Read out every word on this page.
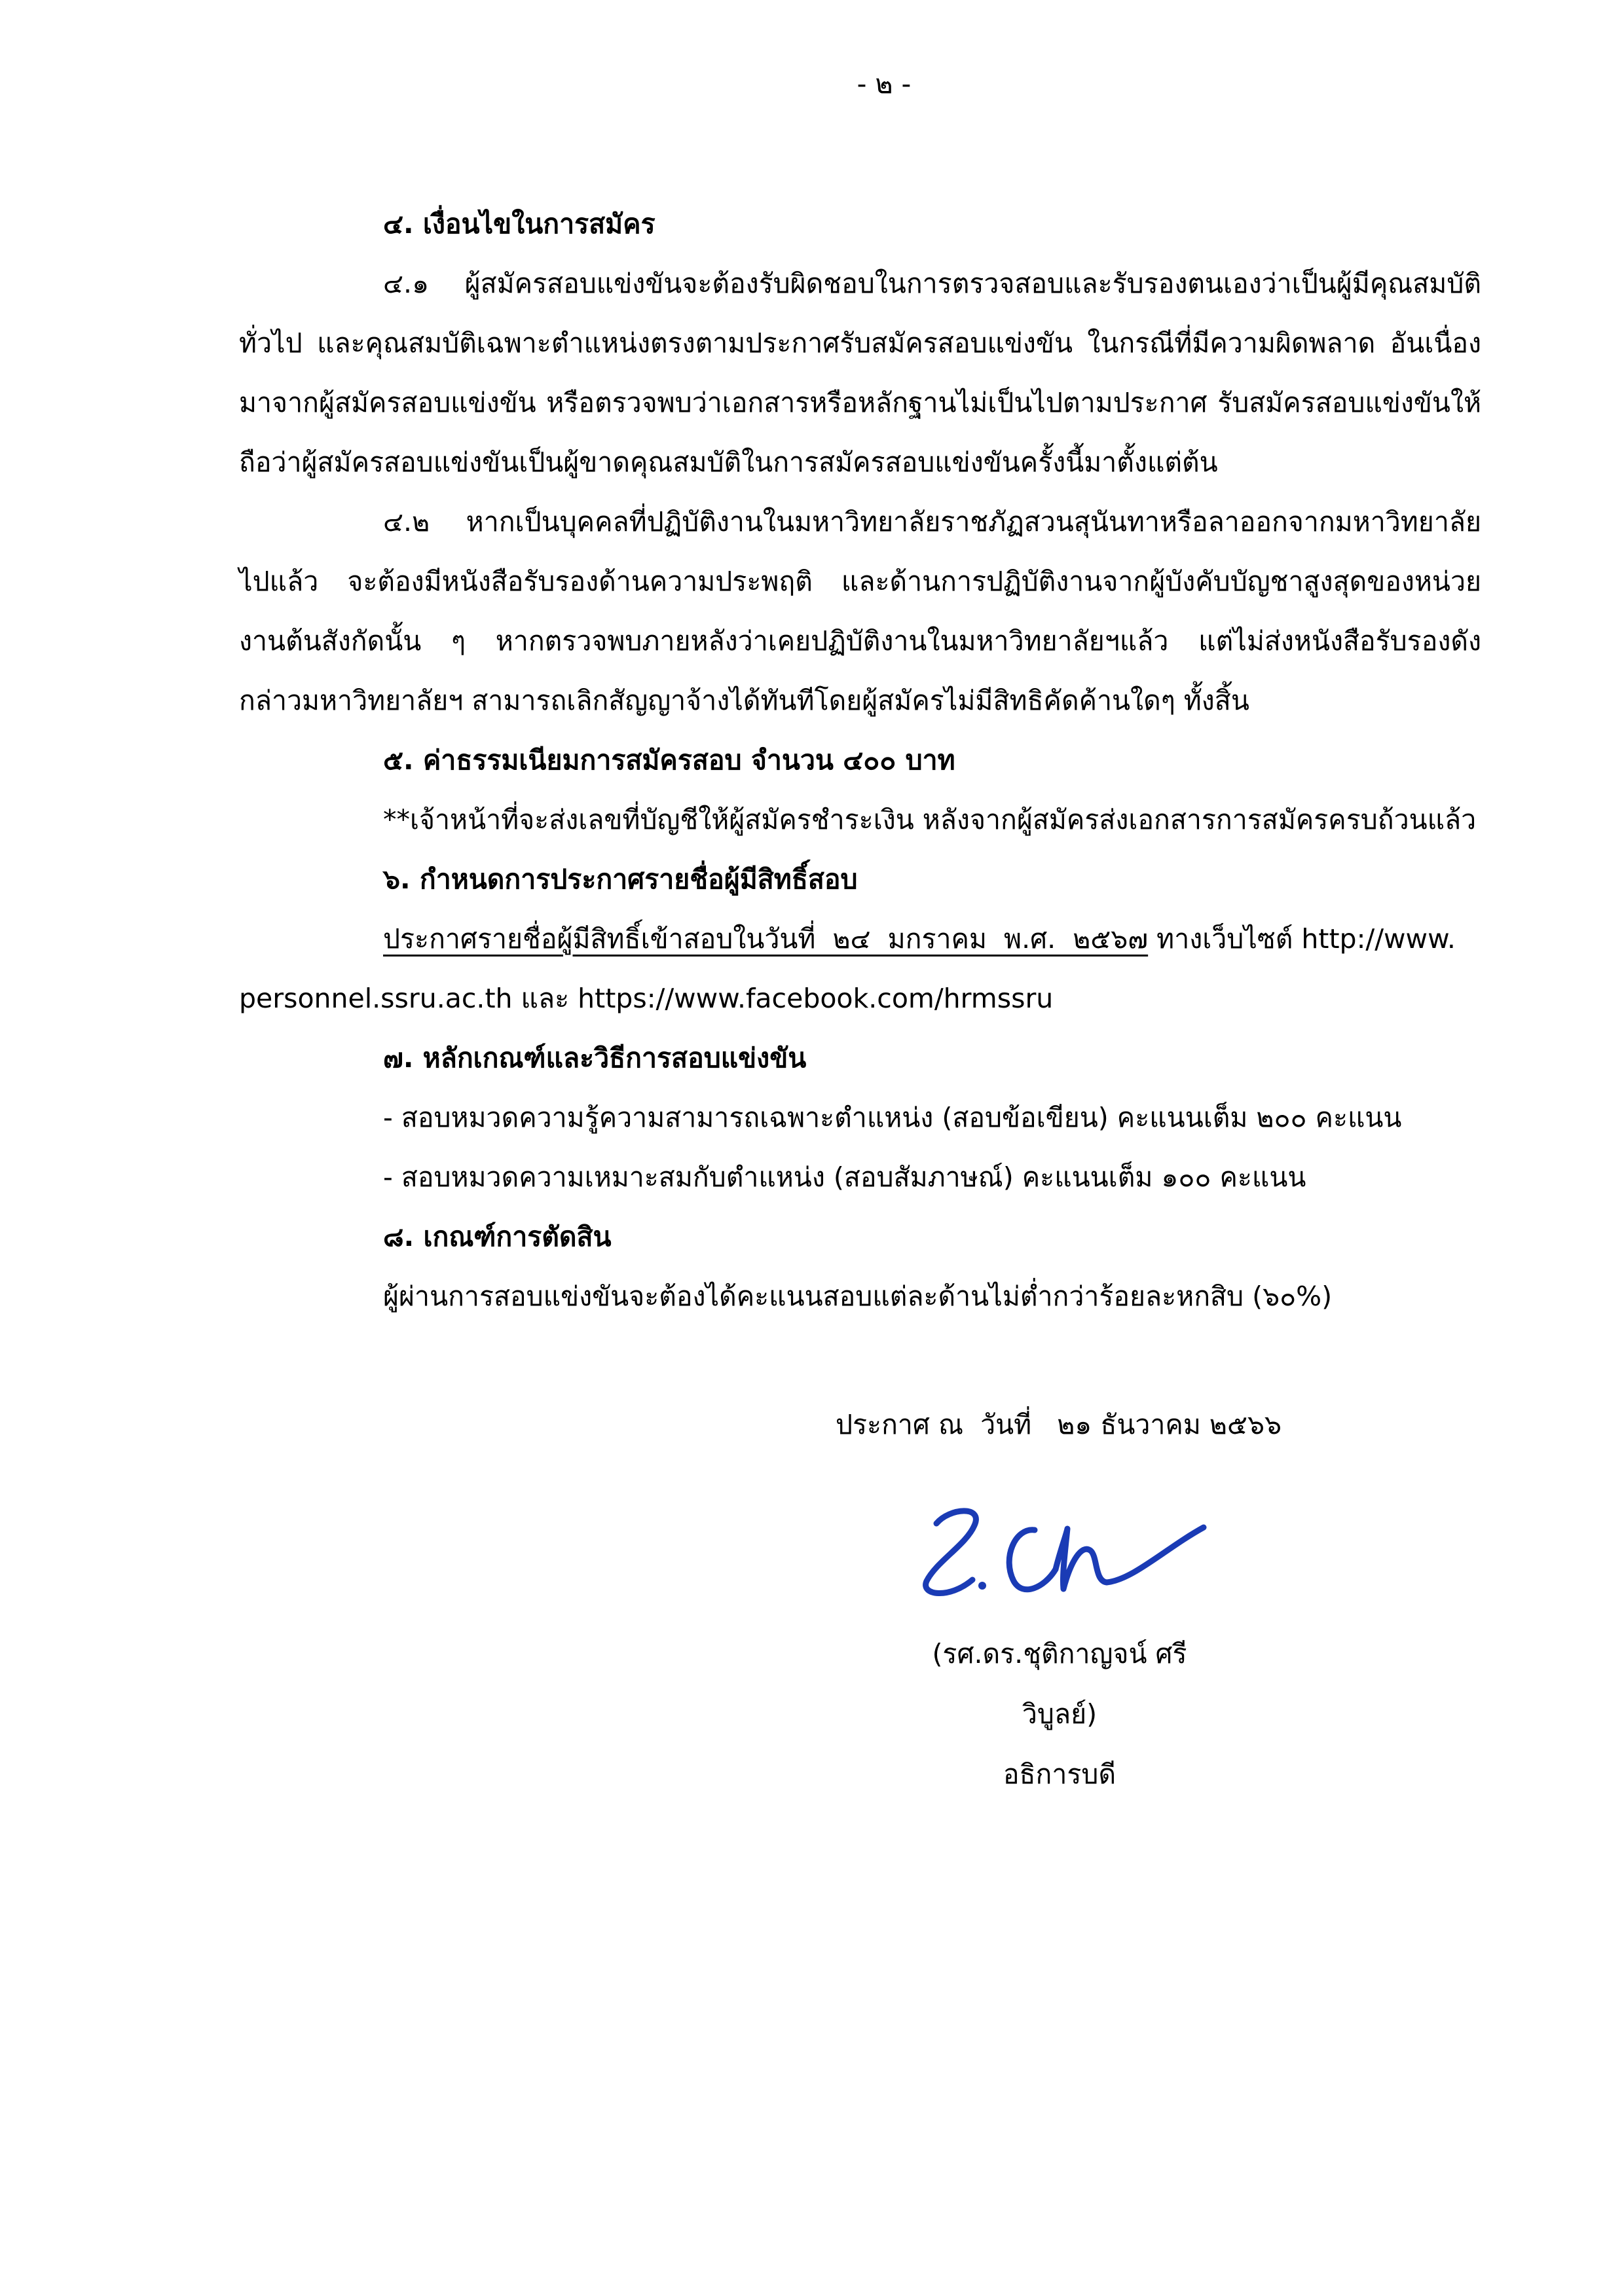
- ๒ -
๔. เงื่อนไขในการสมัคร
๔.๑ ผู้สมัครสอบแข่งขันจะต้องรับผิดชอบในการตรวจสอบและรับรองตนเองว่าเป็นผู้มีคุณสมบัติ
ทั่วไป และคุณสมบัติเฉพาะตำแหน่งตรงตามประกาศรับสมัครสอบแข่งขัน ในกรณีที่มีความผิดพลาด อันเนื่อง
มาจากผู้สมัครสอบแข่งขัน หรือตรวจพบว่าเอกสารหรือหลักฐานไม่เป็นไปตามประกาศ รับสมัครสอบแข่งขันให้
ถือว่าผู้สมัครสอบแข่งขันเป็นผู้ขาดคุณสมบัติในการสมัครสอบแข่งขันครั้งนี้มาตั้งแต่ต้น
๔.๒ หากเป็นบุคคลที่ปฏิบัติงานในมหาวิทยาลัยราชภัฏสวนสุนันทาหรือลาออกจากมหาวิทยาลัย
ไปแล้ว จะต้องมีหนังสือรับรองด้านความประพฤติ และด้านการปฏิบัติงานจากผู้บังคับบัญชาสูงสุดของหน่วย
งานต้นสังกัดนั้น ๆ หากตรวจพบภายหลังว่าเคยปฏิบัติงานในมหาวิทยาลัยฯแล้ว แต่ไม่ส่งหนังสือรับรองดัง
กล่าวมหาวิทยาลัยฯ สามารถเลิกสัญญาจ้างได้ทันทีโดยผู้สมัครไม่มีสิทธิคัดค้านใดๆ ทั้งสิ้น
๕. ค่าธรรมเนียมการสมัครสอบ จำนวน ๔๐๐ บาท
**เจ้าหน้าที่จะส่งเลขที่บัญชีให้ผู้สมัครชำระเงิน หลังจากผู้สมัครส่งเอกสารการสมัครครบถ้วนแล้ว
๖. กำหนดการประกาศรายชื่อผู้มีสิทธิ์สอบ
ประกาศรายชื่อผู้มีสิทธิ์เข้าสอบในวันที่  ๒๔  มกราคม  พ.ศ.  ๒๕๖๗ ทางเว็บไซต์ http://www.
personnel.ssru.ac.th และ https://www.facebook.com/hrmssru
๗. หลักเกณฑ์และวิธีการสอบแข่งขัน
- สอบหมวดความรู้ความสามารถเฉพาะตำแหน่ง (สอบข้อเขียน) คะแนนเต็ม ๒๐๐ คะแนน
- สอบหมวดความเหมาะสมกับตำแหน่ง (สอบสัมภาษณ์) คะแนนเต็ม ๑๐๐ คะแนน
๘. เกณฑ์การตัดสิน
ผู้ผ่านการสอบแข่งขันจะต้องได้คะแนนสอบแต่ละด้านไม่ต่ำกว่าร้อยละหกสิบ (๖๐%)
ประกาศ ณ  วันที่   ๒๑ ธันวาคม ๒๕๖๖
(รศ.ดร.ชุติกาญจน์ ศรีวิบูลย์)
อธิการบดี
